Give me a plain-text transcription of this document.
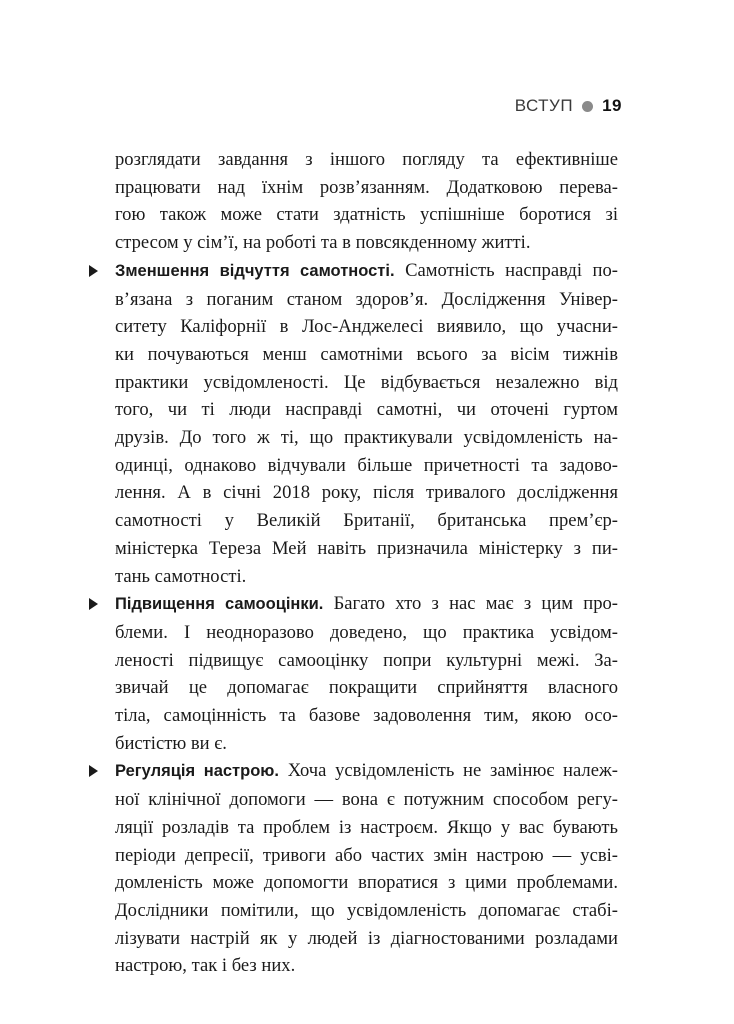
ВСТУП 19

розглядати завдання з іншого погляду та ефективніше
працювати над їхнім розв’язанням. Додатковою перева-
гою також може стати здатність успішніше боротися зі
стресом у сім’ї, на роботі та в повсякденному житті.

Зменшення відчуття самотності. Самотність насправді по-
в’язана з поганим станом здоров’я. Дослідження Універ-
ситету Каліфорнії в Лос-Анджелесі виявило, що учасни-
ки почуваються менш самотніми всього за вісім тижнів
практики усвідомленості. Це відбувається незалежно від
того, чи ті люди насправді самотні, чи оточені гуртом
друзів. До того ж ті, що практикували усвідомленість на-
одинці, однаково відчували більше причетності та задово-
лення. А в січні 2018 року, після тривалого дослідження
самотності у Великій Британії, британська прем’єр-
міністерка Тереза Мей навіть призначила міністерку з пи-
тань самотності.

Підвищення самооцінки. Багато хто з нас має з цим про-
блеми. І неодноразово доведено, що практика усвідом-
леності підвищує самооцінку попри культурні межі. За-
звичай це допомагає покращити сприйняття власного
тіла, самоцінність та базове задоволення тим, якою осо-
бистістю ви є.

Регуляція настрою. Хоча усвідомленість не замінює належ-
ної клінічної допомоги — вона є потужним способом регу-
ляції розладів та проблем із настроєм. Якщо у вас бувають
періоди депресії, тривоги або частих змін настрою — усві-
домленість може допомогти впоратися з цими проблемами.
Дослідники помітили, що усвідомленість допомагає стабі-
лізувати настрій як у людей із діагностованими розладами
настрою, так і без них.
